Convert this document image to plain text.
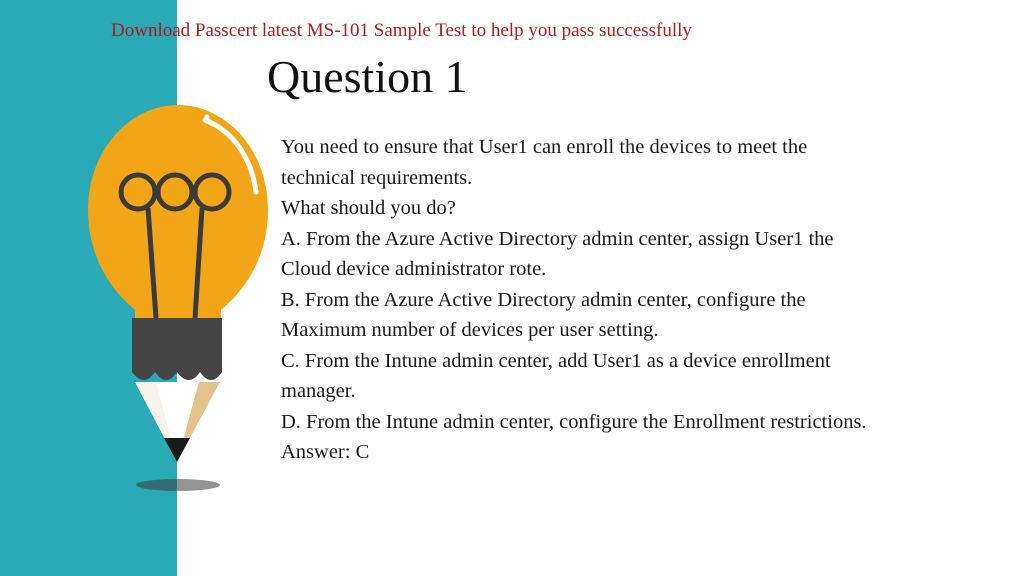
Download Passcert latest MS-101 Sample Test to help you pass successfully
Question 1

You need to ensure that User1 can enroll the devices to meet the

technical requirements.

What should you do?

A. From the Azure Active Directory admin center, assign User1 the

Cloud device administrator rote.

B. From the Azure Active Directory admin center, configure the

Maximum number of devices per user setting.

C. From the Intune admin center, add User1 as a device enrollment

manager.

D. From the Intune admin center, configure the Enrollment restrictions.

Answer: C
